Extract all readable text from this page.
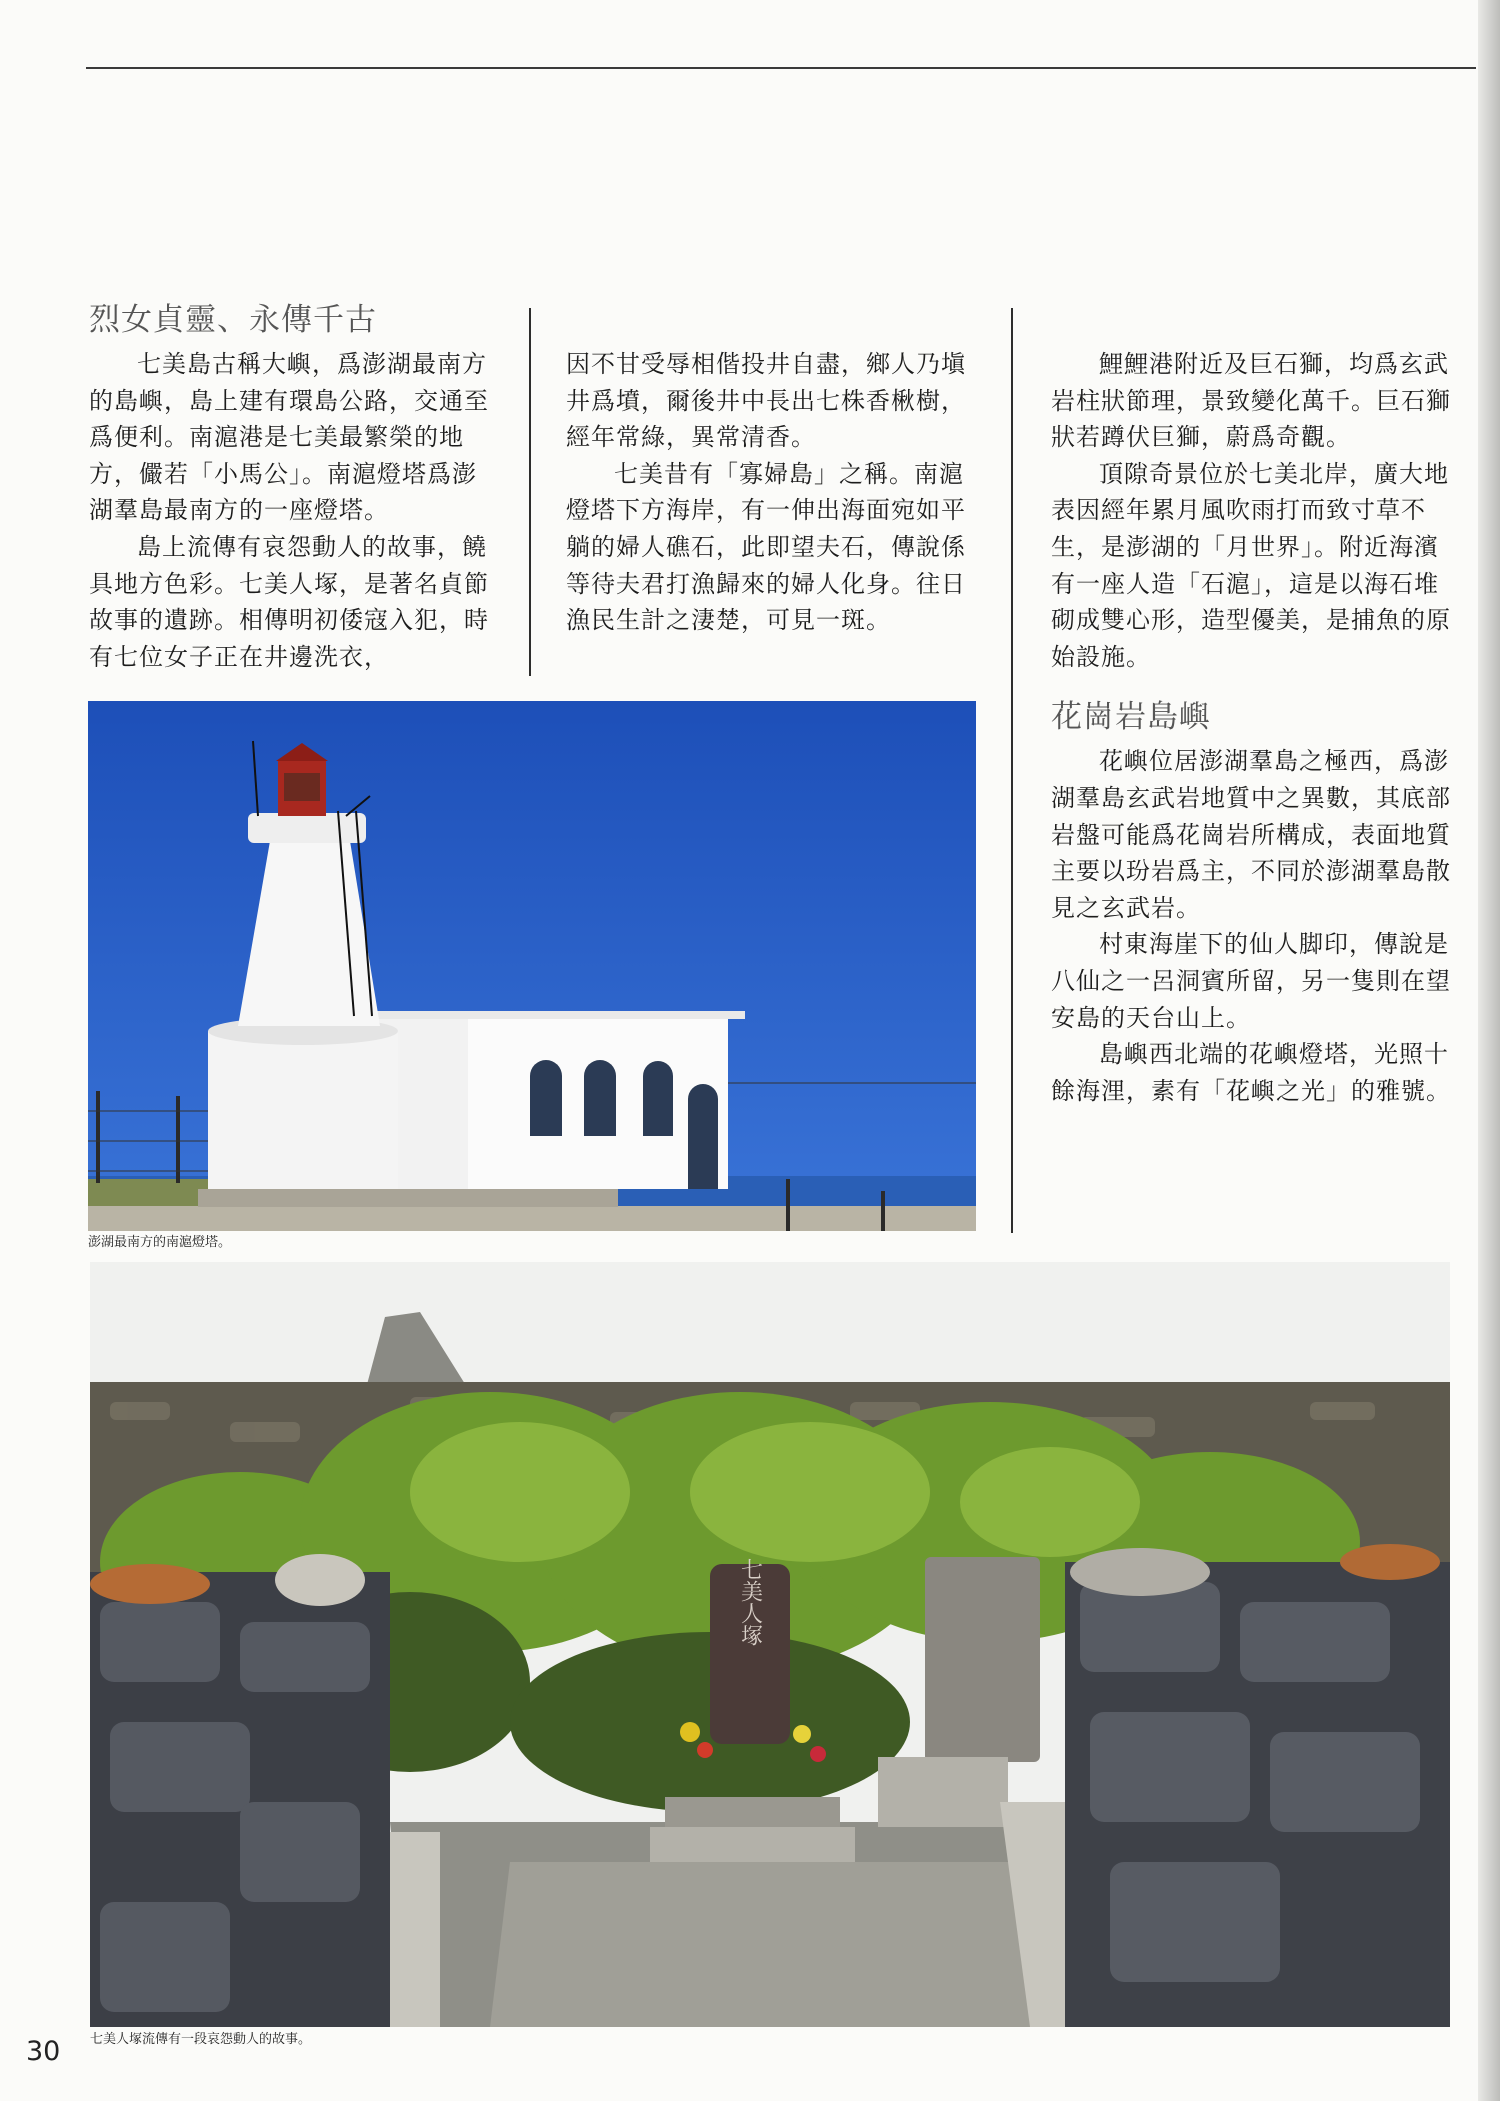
烈女貞靈、永傳千古

七美島古稱大嶼，爲澎湖最南方的島嶼，島上建有環島公路，交通至爲便利。南滬港是七美最繁榮的地方，儼若「小馬公」。南滬燈塔爲澎湖羣島最南方的一座燈塔。

島上流傳有哀怨動人的故事，饒具地方色彩。七美人塚，是著名貞節故事的遺跡。相傳明初倭寇入犯，時有七位女子正在井邊洗衣，

因不甘受辱相偕投井自盡，鄉人乃塡井爲墳，爾後井中長出七株香楸樹，經年常綠，異常清香。

七美昔有「寡婦島」之稱。南滬燈塔下方海岸，有一伸出海面宛如平躺的婦人礁石，此即望夫石，傳說係等待夫君打漁歸來的婦人化身。往日漁民生計之淒楚，可見一斑。

鯉鯉港附近及巨石獅，均爲玄武岩柱狀節理，景致變化萬千。巨石獅狀若蹲伏巨獅，蔚爲奇觀。

頂隙奇景位於七美北岸，廣大地表因經年累月風吹雨打而致寸草不生，是澎湖的「月世界」。附近海濱有一座人造「石滬」，這是以海石堆砌成雙心形，造型優美，是捕魚的原始設施。

花崗岩島嶼

花嶼位居澎湖羣島之極西，爲澎湖羣島玄武岩地質中之異數，其底部岩盤可能爲花崗岩所構成，表面地質主要以玢岩爲主，不同於澎湖羣島散見之玄武岩。

村東海崖下的仙人脚印，傳說是八仙之一呂洞賓所留，另一隻則在望安島的天台山上。

島嶼西北端的花嶼燈塔，光照十餘海浬，素有「花嶼之光」的雅號。

澎湖最南方的南滬燈塔。
七美人塚
七美人塚流傳有一段哀怨動人的故事。
30
